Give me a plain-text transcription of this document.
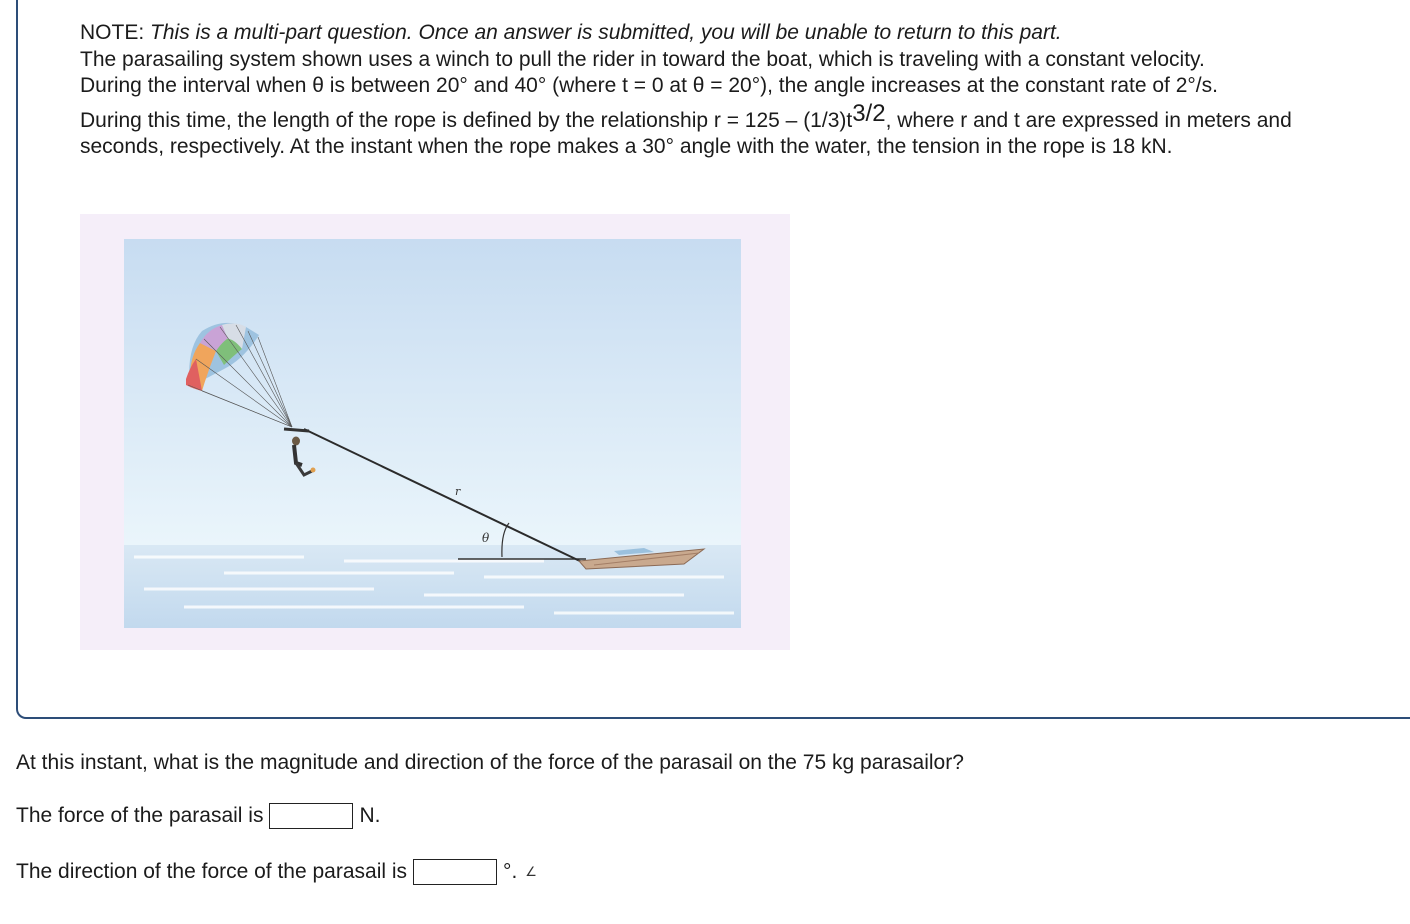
NOTE: This is a multi-part question. Once an answer is submitted, you will be unable to return to this part.

The parasailing system shown uses a winch to pull the rider in toward the boat, which is traveling with a constant velocity.

During the interval when θ is between 20° and 40° (where t = 0 at θ = 20°), the angle increases at the constant rate of 2°/s.

During this time, the length of the rope is defined by the relationship r = 125 – (1/3)t3/2, where r and t are expressed in meters and seconds, respectively. At the instant when the rope makes a 30° angle with the water, the tension in the rope is 18 kN.

θ
r
At this instant, what is the magnitude and direction of the force of the parasail on the 75 kg parasailor?
The force of the parasail is	N.
The direction of the force of the parasail is	°. ∠
